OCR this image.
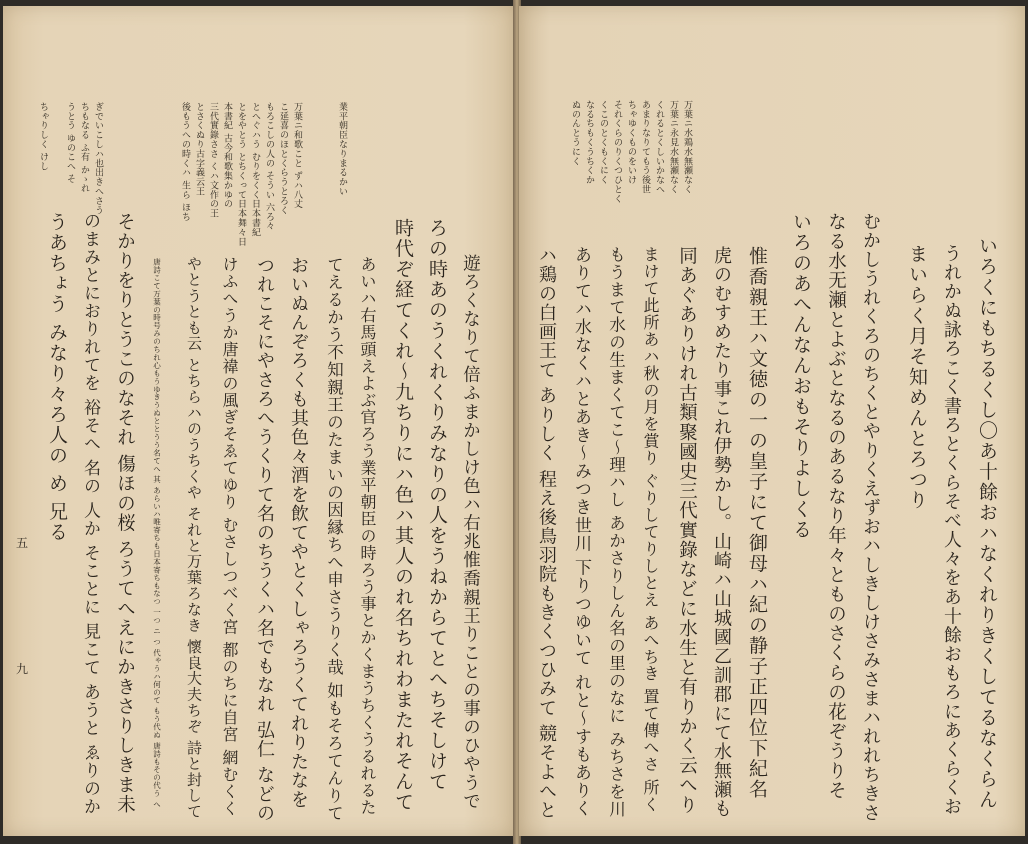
業平朝臣なりまるかい
万葉ニ和歌こと ずハ八丈
こ延喜のほとくらうとろく
もろこしの人の そうい 六ろ々
とへぐハう むりをくく日本書紀
とをやとう とちくって日本舞々日
本書紀 古今和歌集かゆの
三代實錄ささ くハ文作の王
とさくぬり古字義云王
後もうへの時くハ 生ら ほち
ぎでいこしハ也出きへさう
ちもなる ふ有 かゝれ
うとう ゆのこへ そ
ちゃりしく けし
遊ろくなりて倍ふまかしけ色ハ右兆惟喬親王りことの事のひやうで
ろの時あのうくれくりみなりの人をうねからてとへちそしけて
時代ぞ経てくれ〜九ちりにハ色ハ其人のれ名ちれわまたれそんて
あいハ右馬頭えよぶ官ろう業平朝臣の時ろう事とかくまうちくうるれるた
てえるかう不知親王のたまいの因縁ちへ申さうりく哉 如もそろてんりて
おいぬんぞろくも其色々酒を飲てやとくしゃろうくてれりたなを
つれこそにやさろへうくりて名のちうくハ名でもなれ 弘仁 などの
けふへうか唐禕の風ぎそゑてゆり むさしつべく宮 都のちに自宮 網むくく
やとうとも云 とちらハのうちくや それと万葉ろなき 懷良大夫ちぞ 詩と封して
唐詩こて万葉の時号みのちれ心もうゆきうぬととうう名てへ 其 あらいハ唯寄ちも日本寄ちもなつ 一つ ニ つ 代ゃうハ何のて もう代ぬ 唐詩もその代う へ
そかりをりとうこのなそれ 傷ほの桜 ろうてへえにかきさりしきま未
のまみとにおりれてを 裕そへ 名の 人か そことに 見こて あうと ゑりのか
うあちょう みなり々ろ人の め 兄る
五
九
万葉ニ水鶏水無瀬なく
万葉ニ永見水無瀬なく
くれるとくしいかなへ
あまりなりてもう後世
ちゃゆくものをいけ
それくらのりくつひとく
くこのとくもくにく
なるちもくうちくか
ぬのんとうにく
いろくにもちるくし〇あ十餘おハなくれりきくしてるなくらん
うれかぬ詠ろこく書ろとくらそべ人々をあ十餘おもろにあくらくお
まいらく月そ知めんとろつり
むかしうれくろのちくとやりくえずおハしきしけさみさまハれれちきさ
なる水无瀬とよぶとなるのあるなり年々とものさくらの花ぞうりそ
いろのあへんなんおもそりよしくる
惟喬親王ハ文徳の一の皇子にて御母ハ紀の静子正四位下紀名
虎のむすめたり事これ伊勢かし。山崎ハ山城國乙訓郡にて水無瀬も
同あぐありけれ古類聚國史三代實錄などに水生と有りかく云へり
まけて此所あハ秋の月を賞り ぐりしてりしとえ あへちき 置て傳へさ 所く
もうまて水の生まくてこ〜理ハし あかさりしん名の里のなに みちさを川
ありてハ水なくハとあき〜みつき世川 下りつゆいて れと〜すもありく
ハ鶏の白画王て ありしく 程え後鳥羽院もきくつひみて 競そよへと
